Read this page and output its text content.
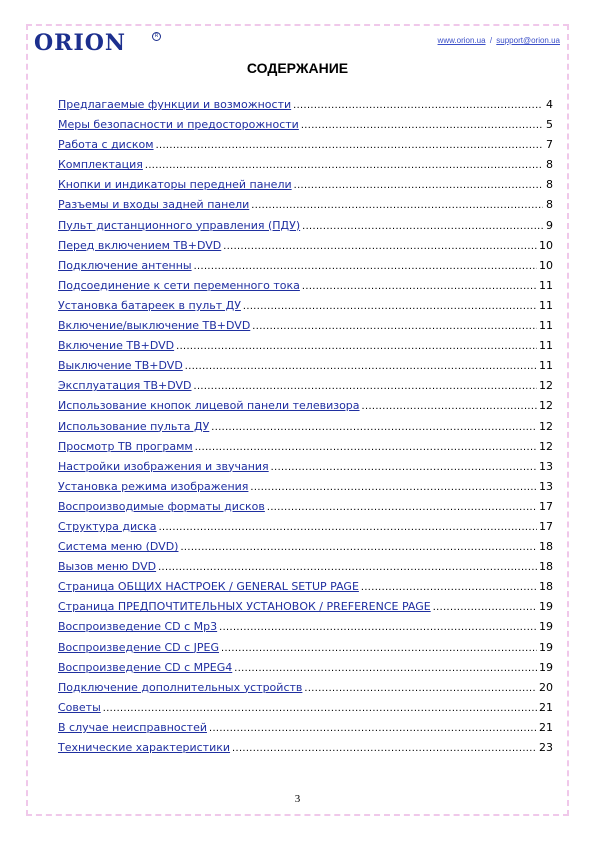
ORION	R	www.orion.ua / support@orion.ua
СОДЕРЖАНИЕ
Предлагаемые функции и возможности .....	4
Меры безопасности и предосторожности .....	5
Работа с диском .....	7
Комплектация .....	8
Кнопки и индикаторы передней панели .....	8
Разъемы и входы задней панели .....	8
Пульт дистанционного управления (ПДУ) .....	9
Перед включением ТВ+DVD .....	10
Подключение антенны .....	10
Подсоединение к сети переменного тока .....	11
Установка батареек в пульт ДУ .....	11
Включение/выключение ТВ+DVD .....	11
Включение ТВ+DVD .....	11
Выключение ТВ+DVD .....	11
Эксплуатация ТВ+DVD .....	12
Использование кнопок лицевой панели телевизора .....	12
Использование пульта ДУ .....	12
Просмотр ТВ программ .....	12
Настройки изображения и звучания .....	13
Установка режима изображения .....	13
Воспроизводимые форматы дисков .....	17
Структура диска .....	17
Система меню (DVD) .....	18
Вызов меню DVD .....	18
Страница ОБЩИХ НАСТРОЕК / GENERAL SETUP PAGE .....	18
Страница ПРЕДПОЧТИТЕЛЬНЫХ УСТАНОВОК / PREFERENCE PAGE .....	19
Воспроизведение CD с Mp3 .....	19
Воспроизведение CD с JPEG .....	19
Воспроизведение CD с MPEG4 .....	19
Подключение дополнительных устройств .....	20
Советы .....	21
В случае неисправностей .....	21
Технические характеристики .....	23
3
